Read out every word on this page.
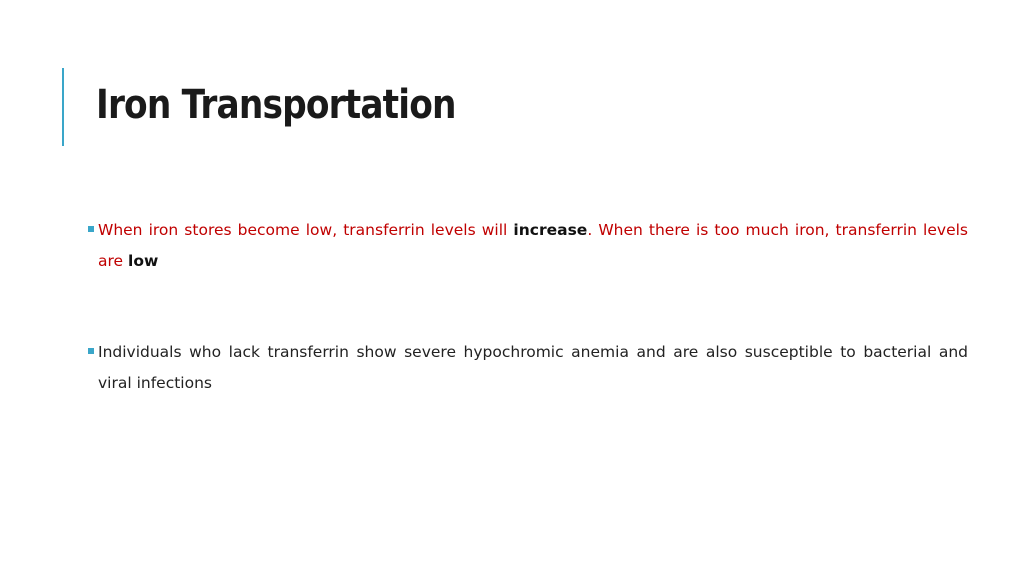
Iron Transportation
When iron stores become low, transferrin levels will increase. When there is too much iron, transferrin levels are low
Individuals who lack transferrin show severe hypochromic anemia and are also susceptible to bacterial and viral infections
